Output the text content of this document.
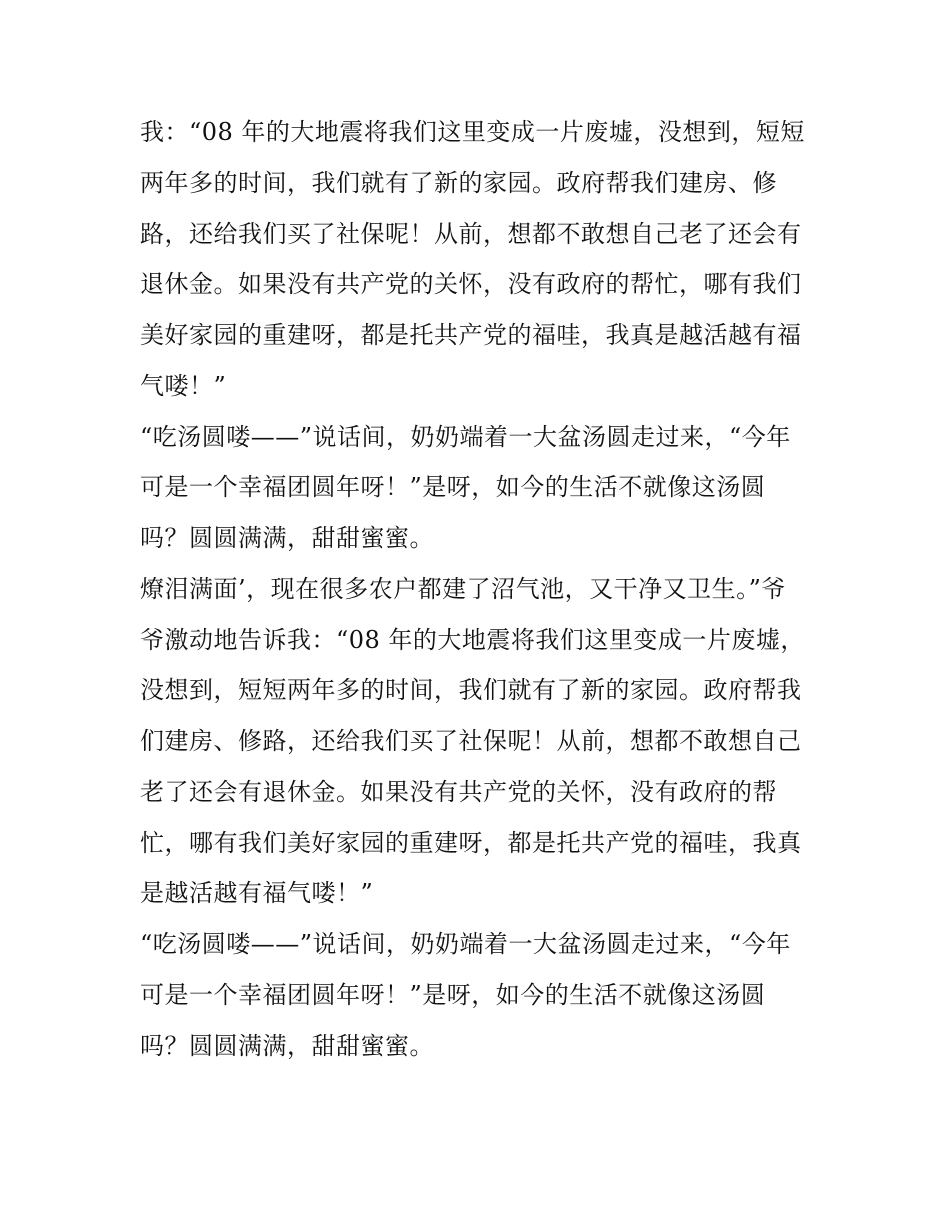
我：“08 年的大地震将我们这里变成一片废墟，没想到，短短
两年多的时间，我们就有了新的家园。政府帮我们建房、修
路，还给我们买了社保呢！从前，想都不敢想自己老了还会有
退休金。如果没有共产党的关怀，没有政府的帮忙，哪有我们
美好家园的重建呀，都是托共产党的福哇，我真是越活越有福
气喽！”
“吃汤圆喽——”说话间，奶奶端着一大盆汤圆走过来，“今年
可是一个幸福团圆年呀！”是呀，如今的生活不就像这汤圆
吗？圆圆满满，甜甜蜜蜜。
燎泪满面’，现在很多农户都建了沼气池，又干净又卫生。”爷
爷激动地告诉我：“08 年的大地震将我们这里变成一片废墟，
没想到，短短两年多的时间，我们就有了新的家园。政府帮我
们建房、修路，还给我们买了社保呢！从前，想都不敢想自己
老了还会有退休金。如果没有共产党的关怀，没有政府的帮
忙，哪有我们美好家园的重建呀，都是托共产党的福哇，我真
是越活越有福气喽！”
“吃汤圆喽——”说话间，奶奶端着一大盆汤圆走过来，“今年
可是一个幸福团圆年呀！”是呀，如今的生活不就像这汤圆
吗？圆圆满满，甜甜蜜蜜。
